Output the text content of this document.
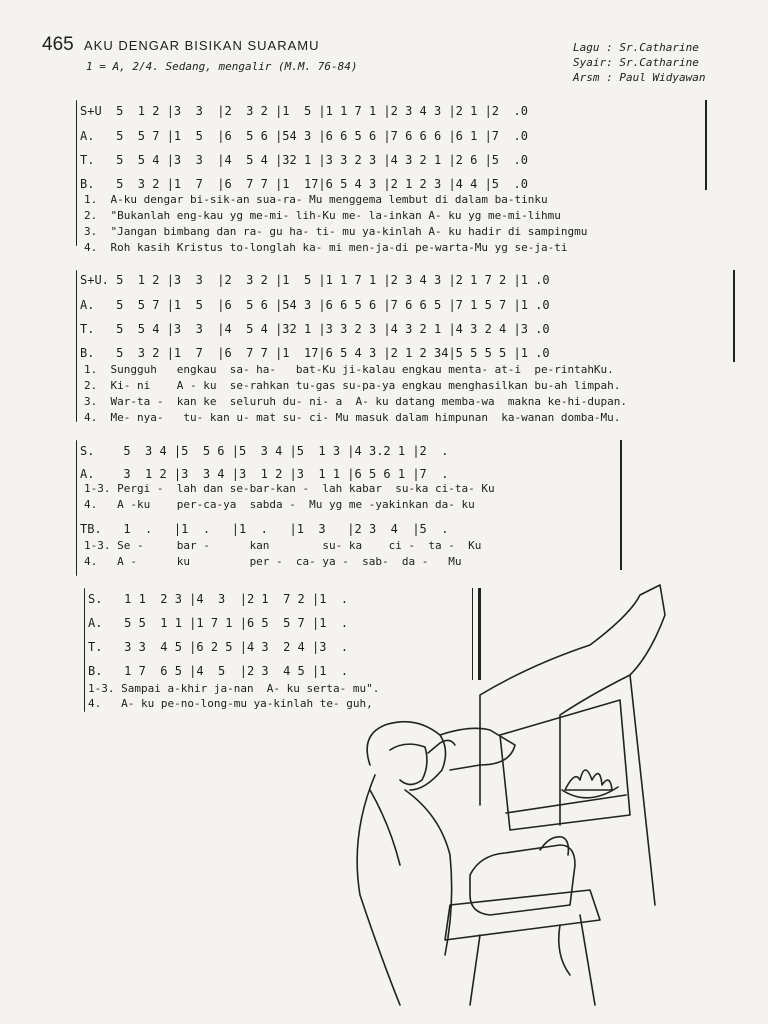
465 AKU DENGAR BISIKAN SUARAMU
1 = A, 2/4. Sedang, mengalir (M.M. 76-84)
Lagu : Sr.Catharine
Syair: Sr.Catharine
Arsm : Paul Widyawan
S+U  5  1 2 |3  3  |2  3 2 |1  5 |1 1 7 1 |2 3 4 3 |2 1 |2  .0
A.   5  5 7 |1  5  |6  5 6 |54 3 |6 6 5 6 |7 6 6 6 |6 1 |7  .0
T.   5  5 4 |3  3  |4  5 4 |32 1 |3 3 2 3 |4 3 2 1 |2 6 |5  .0
B.   5  3 2 |1  7  |6  7 7 |1  17|6 5 4 3 |2 1 2 3 |4 4 |5  .0
1.  A-ku dengar bi-sik-an sua-ra- Mu menggema lembut di dalam ba-tinku
2.  "Bukanlah eng-kau yg me-mi- lih-Ku me- la-inkan A- ku yg me-mi-lihmu
3.  "Jangan bimbang dan ra- gu ha- ti- mu ya-kinlah A- ku hadir di sampingmu
4.  Roh kasih Kristus to-longlah ka- mi men-ja-di pe-warta-Mu yg se-ja-ti
S+U. 5  1 2 |3  3  |2  3 2 |1  5 |1 1 7 1 |2 3 4 3 |2 1 7 2 |1 .0
A.   5  5 7 |1  5  |6  5 6 |54 3 |6 6 5 6 |7 6 6 5 |7 1 5 7 |1 .0
T.   5  5 4 |3  3  |4  5 4 |32 1 |3 3 2 3 |4 3 2 1 |4 3 2 4 |3 .0
B.   5  3 2 |1  7  |6  7 7 |1  17|6 5 4 3 |2 1 2 34|5 5 5 5 |1 .0
1.  Sungguh   engkau  sa- ha-   bat-Ku ji-kalau engkau menta- at-i  pe-rintahKu.
2.  Ki- ni    A - ku  se-rahkan tu-gas su-pa-ya engkau menghasilkan bu-ah limpah.
3.  War-ta -  kan ke  seluruh du- ni- a  A- ku datang memba-wa  makna ke-hi-dupan.
4.  Me- nya-   tu- kan u- mat su- ci- Mu masuk dalam himpunan  ka-wanan domba-Mu.
S.    5  3 4 |5  5 6 |5  3 4 |5  1 3 |4 3.2 1 |2  .
A.    3  1 2 |3  3 4 |3  1 2 |3  1 1 |6 5 6 1 |7  .
1-3. Pergi -  lah dan se-bar-kan -  lah kabar  su-ka ci-ta- Ku
4.   A -ku    per-ca-ya  sabda -  Mu yg me -yakinkan da- ku
TB.   1  .   |1  .   |1  .   |1  3   |2 3  4  |5  .
1-3. Se -     bar -      kan        su- ka    ci -  ta -  Ku
4.   A -      ku         per -  ca- ya -  sab-  da -   Mu
S.   1 1  2 3 |4  3  |2 1  7 2 |1  .
A.   5 5  1 1 |1 7 1 |6 5  5 7 |1  .
T.   3 3  4 5 |6 2 5 |4 3  2 4 |3  .
B.   1 7  6 5 |4  5  |2 3  4 5 |1  .
1-3. Sampai a-khir ja-nan  A- ku serta- mu".
4.   A- ku pe-no-long-mu ya-kinlah te- guh,
